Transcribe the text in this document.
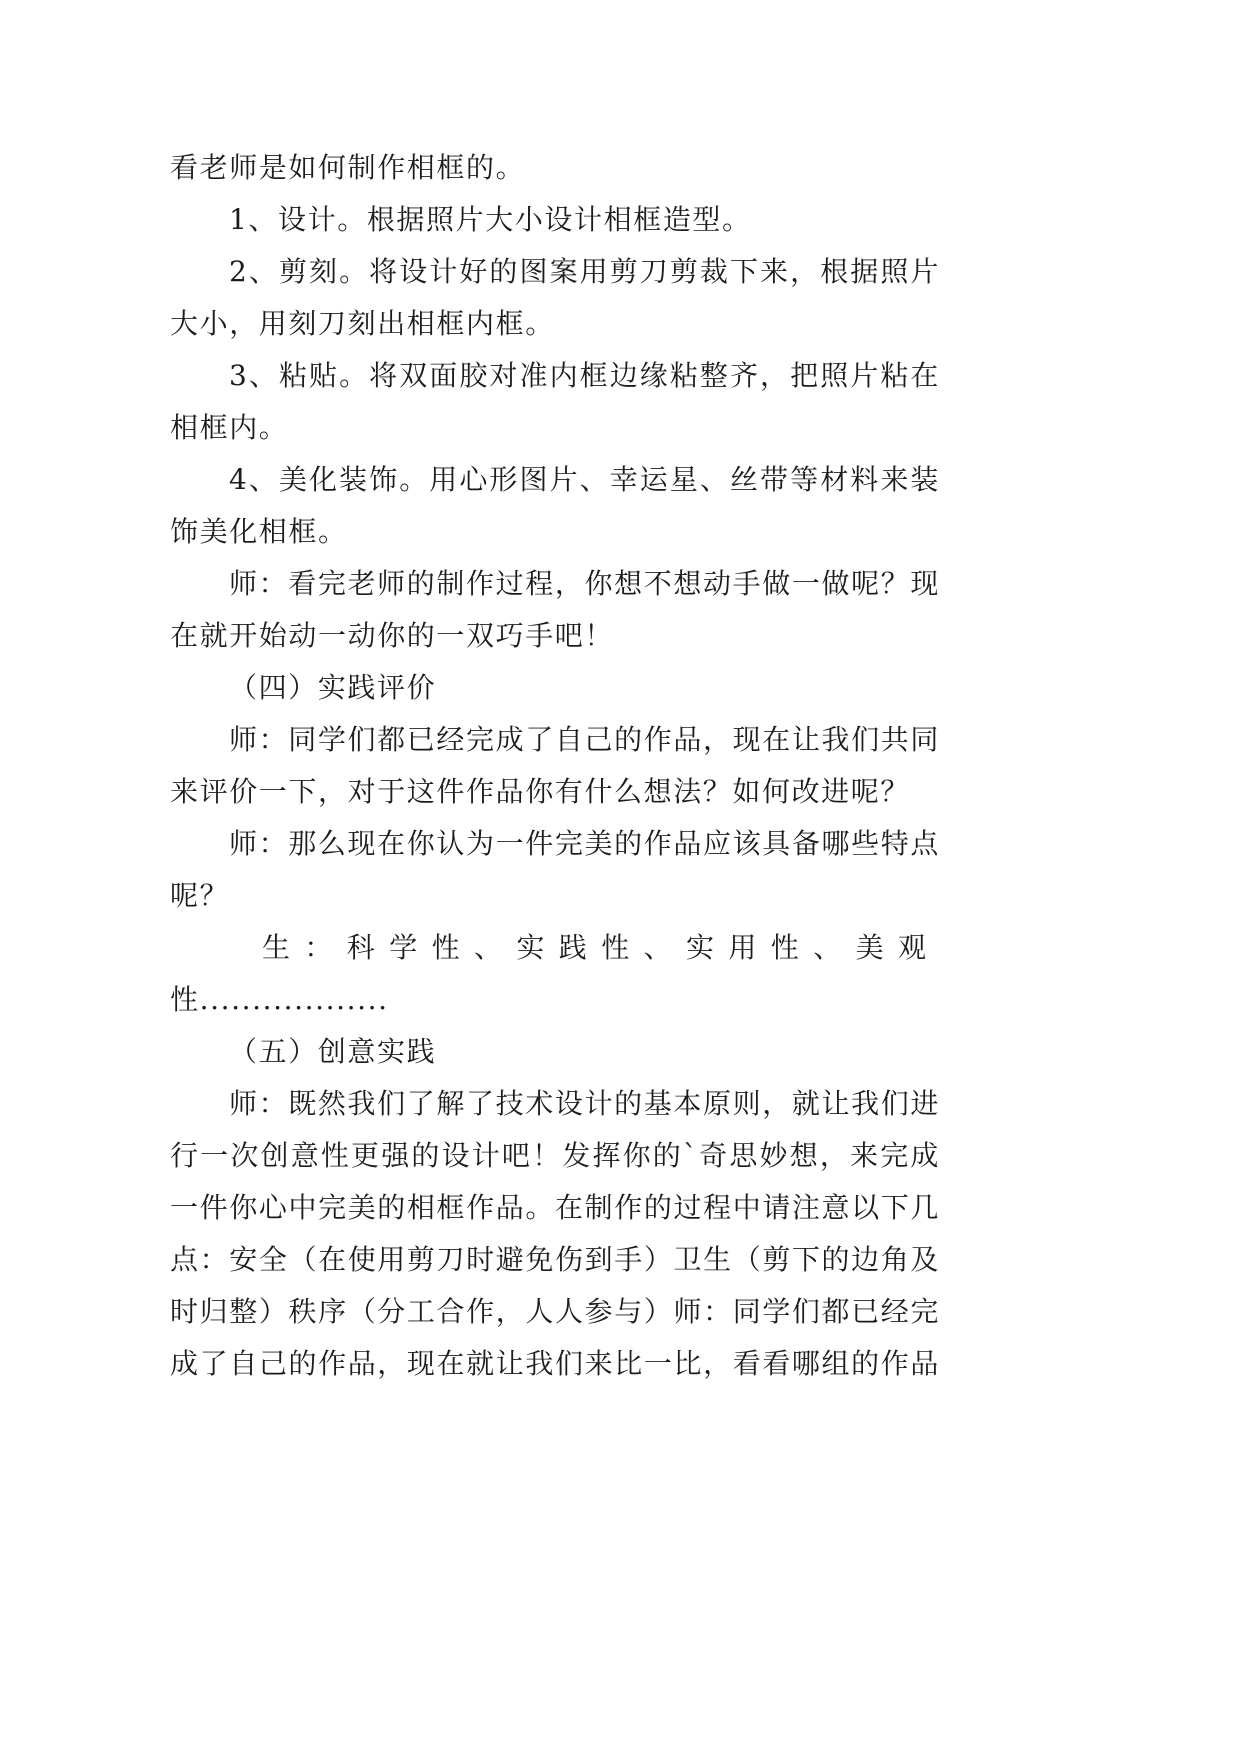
看老师是如何制作相框的。
1、设计。根据照片大小设计相框造型。
2、剪刻。将设计好的图案用剪刀剪裁下来，根据照片
大小，用刻刀刻出相框内框。
3、粘贴。将双面胶对准内框边缘粘整齐，把照片粘在
相框内。
4、美化装饰。用心形图片、幸运星、丝带等材料来装
饰美化相框。
师：看完老师的制作过程，你想不想动手做一做呢？现
在就开始动一动你的一双巧手吧！
（四）实践评价
师：同学们都已经完成了自己的作品，现在让我们共同
来评价一下，对于这件作品你有什么想法？如何改进呢？
师：那么现在你认为一件完美的作品应该具备哪些特点
呢？
生：科学性、实践性、实用性、美观
性..................
（五）创意实践
师：既然我们了解了技术设计的基本原则，就让我们进
行一次创意性更强的设计吧！发挥你的`奇思妙想，来完成
一件你心中完美的相框作品。在制作的过程中请注意以下几
点：安全（在使用剪刀时避免伤到手）卫生（剪下的边角及
时归整）秩序（分工合作，人人参与）师：同学们都已经完
成了自己的作品，现在就让我们来比一比，看看哪组的作品
